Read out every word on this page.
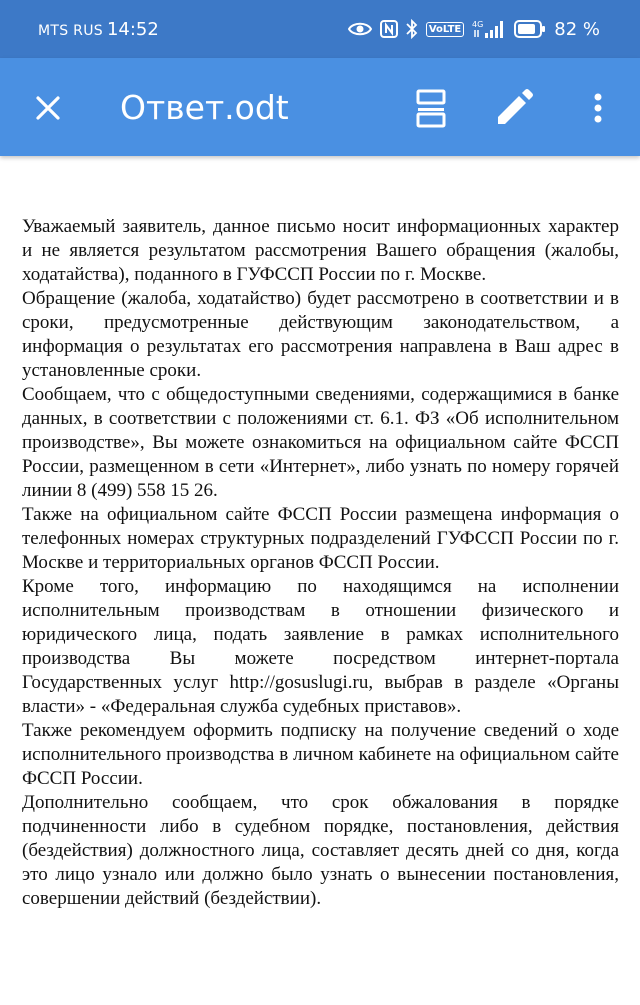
MTS RUS 14:52	VoLTE	4G	82 %
Ответ.odt

Уважаемый заявитель, данное письмо носит информационных характер и не является результатом рассмотрения Вашего обращения (жалобы, ходатайства), поданного в ГУФССП России по г. Москве.

Обращение (жалоба, ходатайство) будет рассмотрено в соответствии и в сроки, предусмотренные действующим законодательством, а информация о результатах его рассмотрения направлена в Ваш адрес в установленные сроки.

Сообщаем, что с общедоступными сведениями, содержащимися в банке данных, в соответствии с положениями ст. 6.1. ФЗ «Об исполнительном производстве», Вы можете ознакомиться на официальном сайте ФССП России, размещенном в сети «Интернет», либо узнать по номеру горячей линии 8 (499) 558 15 26.

Также на официальном сайте ФССП России размещена информация о телефонных номерах структурных подразделений ГУФССП России по г. Москве и территориальных органов ФССП России.

Кроме того, информацию по находящимся на исполнении исполнительным производствам в отношении физического и юридического лица, подать заявление в рамках исполнительного производства Вы можете посредством интернет-портала Государственных услуг http://gosuslugi.ru, выбрав в разделе «Органы власти» - «Федеральная служба судебных приставов».

Также рекомендуем оформить подписку на получение сведений о ходе исполнительного производства в личном кабинете на официальном сайте ФССП России.

Дополнительно сообщаем, что срок обжалования в порядке подчиненности либо в судебном порядке, постановления, действия (бездействия) должностного лица, составляет десять дней со дня, когда это лицо узнало или должно было узнать о вынесении постановления, совершении действий (бездействии).
